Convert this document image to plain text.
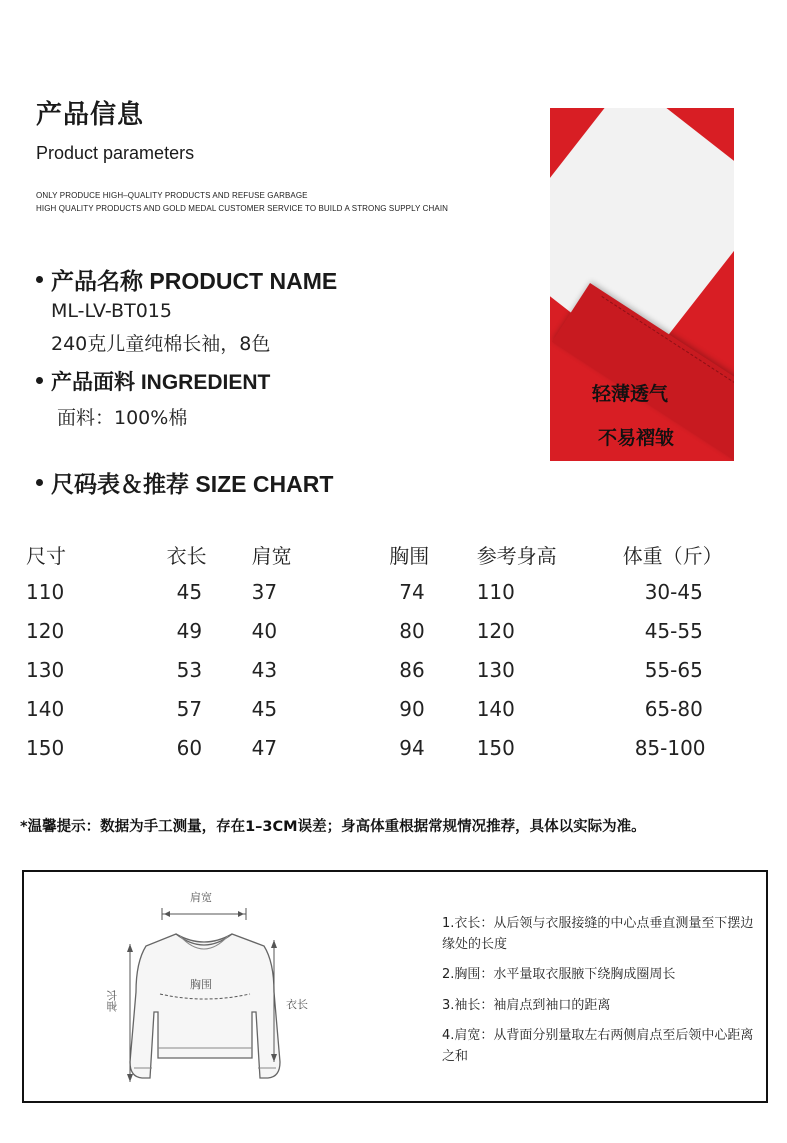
产品信息
Product parameters
ONLY PRODUCE HIGH–QUALITY PRODUCTS AND REFUSE GARBAGE
HIGH QUALITY PRODUCTS AND GOLD MEDAL CUSTOMER SERVICE TO BUILD A STRONG SUPPLY CHAIN
产品名称 PRODUCT NAME
ML-LV-BT015
240克儿童纯棉长袖，8色
产品面料 INGREDIENT
面料：100%棉
尺码表＆推荐 SIZE CHART
轻薄透气
不易褶皱
尺寸	衣长	肩宽	胸围	参考身高	体重（斤）
110	45	37	74	110	30-45
120	49	40	80	120	45-55
130	53	43	86	130	55-65
140	57	45	90	140	65-80
150	60	47	94	150	85-100
*温馨提示：数据为手工测量，存在1–3CM误差；身高体重根据常规情况推荐，具体以实际为准。
肩宽
胸围
袖长	衣长
1.衣长：从后领与衣服接缝的中心点垂直测量至下摆边缘处的长度
2.胸围：水平量取衣服腋下绕胸成圈周长
3.袖长：袖肩点到袖口的距离
4.肩宽：从背面分别量取左右两侧肩点至后领中心距离之和
